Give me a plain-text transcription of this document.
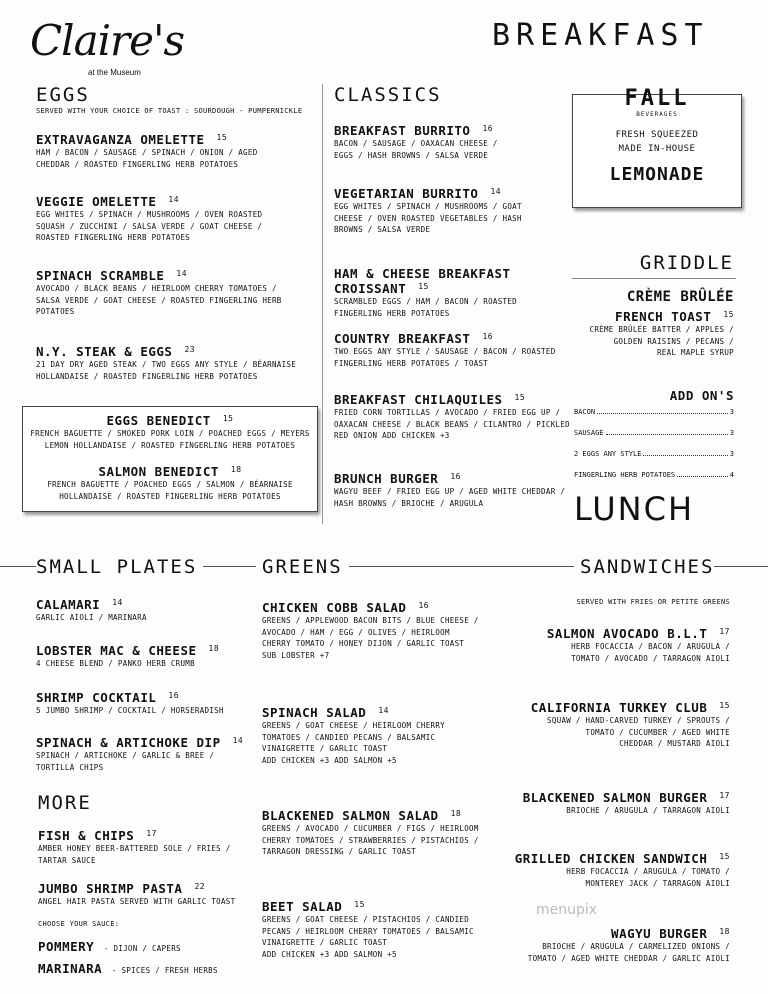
Claire's
at the Museum
BREAKFAST
EGGS
SERVED WITH YOUR CHOICE OF TOAST : SOURDOUGH - PUMPERNICKLE
EXTRAVAGANZA OMELETTE $^{15}$
HAM / BACON / SAUSAGE / SPINACH / ONION / AGED
CHEDDAR / ROASTED FINGERLING HERB POTATOES
VEGGIE OMELETTE $^{14}$
EGG WHITES / SPINACH / MUSHROOMS / OVEN ROASTED
SQUASH / ZUCCHINI / SALSA VERDE / GOAT CHEESE /
ROASTED FINGERLING HERB POTATOES
SPINACH SCRAMBLE $^{14}$
AVOCADO / BLACK BEANS / HEIRLOOM CHERRY TOMATOES /
SALSA VERDE / GOAT CHEESE / ROASTED FINGERLING HERB
POTATOES
N.Y. STEAK & EGGS $^{23}$
21 DAY DRY AGED STEAK / TWO EGGS ANY STYLE / BÉARNAISE
HOLLANDAISE / ROASTED FINGERLING HERB POTATOES
EGGS BENEDICT $^{15}$
FRENCH BAGUETTE / SMOKED PORK LOIN / POACHED EGGS / MEYERS
LEMON HOLLANDAISE / ROASTED FINGERLING HERB POTATOES
SALMON BENEDICT $^{18}$
FRENCH BAGUETTE / POACHED EGGS / SALMON / BÉARNAISE
HOLLANDAISE / ROASTED FINGERLING HERB POTATOES
CLASSICS
BREAKFAST BURRITO $^{16}$
BACON / SAUSAGE / OAXACAN CHEESE /
EGGS / HASH BROWNS / SALSA VERDE
VEGETARIAN BURRITO $^{14}$
EGG WHITES / SPINACH / MUSHROOMS / GOAT
CHEESE / OVEN ROASTED VEGETABLES / HASH
BROWNS / SALSA VERDE
HAM & CHEESE BREAKFAST CROISSANT $^{15}$
SCRAMBLED EGGS / HAM / BACON / ROASTED
FINGERLING HERB POTATOES
COUNTRY BREAKFAST $^{16}$
TWO EGGS ANY STYLE / SAUSAGE / BACON / ROASTED
FINGERLING HERB POTATOES / TOAST
BREAKFAST CHILAQUILES $^{15}$
FRIED CORN TORTILLAS / AVOCADO / FRIED EGG UP /
OAXACAN CHEESE / BLACK BEANS / CILANTRO / PICKLED
RED ONION ADD CHICKEN +3
BRUNCH BURGER $^{16}$
WAGYU BEEF / FRIED EGG UP / AGED WHITE CHEDDAR /
HASH BROWNS / BRIOCHE / ARUGULA
FALL
BEVERAGES
FRESH SQUEEZED
MADE IN-HOUSE
LEMONADE
GRIDDLE
CRÈME BRÛLÉE
FRENCH TOAST $^{15}$
CRÈME BRÛLÉE BATTER / APPLES /
GOLDEN RAISINS / PECANS /
REAL MAPLE SYRUP
ADD ON'S
BACON	3
SAUSAGE	3
2 EGGS ANY STYLE	3
FINGERLING HERB POTATOES	4
LUNCH
SMALL PLATES
CALAMARI $^{14}$
GARLIC AIOLI / MARINARA
LOBSTER MAC & CHEESE $^{18}$
4 CHEESE BLEND / PANKO HERB CRUMB
SHRIMP COCKTAIL $^{16}$
5 JUMBO SHRIMP / COCKTAIL / HORSERADISH
SPINACH & ARTICHOKE DIP $^{14}$
SPINACH / ARTICHOKE / GARLIC & BREE /
TORTILLA CHIPS
MORE
FISH & CHIPS $^{17}$
AMBER HONEY BEER-BATTERED SOLE / FRIES /
TARTAR SAUCE
JUMBO SHRIMP PASTA $^{22}$
ANGEL HAIR PASTA SERVED WITH GARLIC TOAST
CHOOSE YOUR SAUCE:
POMMERY - DIJON / CAPERS
MARINARA - SPICES / FRESH HERBS
GREENS
CHICKEN COBB SALAD $^{16}$
GREENS / APPLEWOOD BACON BITS / BLUE CHEESE /
AVOCADO / HAM / EGG / OLIVES / HEIRLOOM
CHERRY TOMATO / HONEY DIJON / GARLIC TOAST
SUB LOBSTER +7
SPINACH SALAD $^{14}$
GREENS / GOAT CHEESE / HEIRLOOM CHERRY
TOMATOES / CANDIED PECANS / BALSAMIC
VINAIGRETTE / GARLIC TOAST
ADD CHICKEN +3 ADD SALMON +5
BLACKENED SALMON SALAD $^{18}$
GREENS / AVOCADO / CUCUMBER / FIGS / HEIRLOOM
CHERRY TOMATOES / STRAWBERRIES / PISTACHIOS /
TARRAGON DRESSING / GARLIC TOAST
BEET SALAD $^{15}$
GREENS / GOAT CHEESE / PISTACHIOS / CANDIED
PECANS / HEIRLOOM CHERRY TOMATOES / BALSAMIC
VINAIGRETTE / GARLIC TOAST
ADD CHICKEN +3 ADD SALMON +5
SANDWICHES
SERVED WITH FRIES OR PETITE GREENS
SALMON AVOCADO B.L.T $^{17}$
HERB FOCACCIA / BACON / ARUGULA /
TOMATO / AVOCADO / TARRAGON AIOLI
CALIFORNIA TURKEY CLUB $^{15}$
SQUAW / HAND-CARVED TURKEY / SPROUTS /
TOMATO / CUCUMBER / AGED WHITE
CHEDDAR / MUSTARD AIOLI
BLACKENED SALMON BURGER $^{17}$
BRIOCHE / ARUGULA / TARRAGON AIOLI
GRILLED CHICKEN SANDWICH $^{15}$
HERB FOCACCIA / ARUGULA / TOMATO /
MONTEREY JACK / TARRAGON AIOLI
WAGYU BURGER $^{18}$
BRIOCHE / ARUGULA / CARMELIZED ONIONS /
TOMATO / AGED WHITE CHEDDAR / GARLIC AIOLI
menupix
